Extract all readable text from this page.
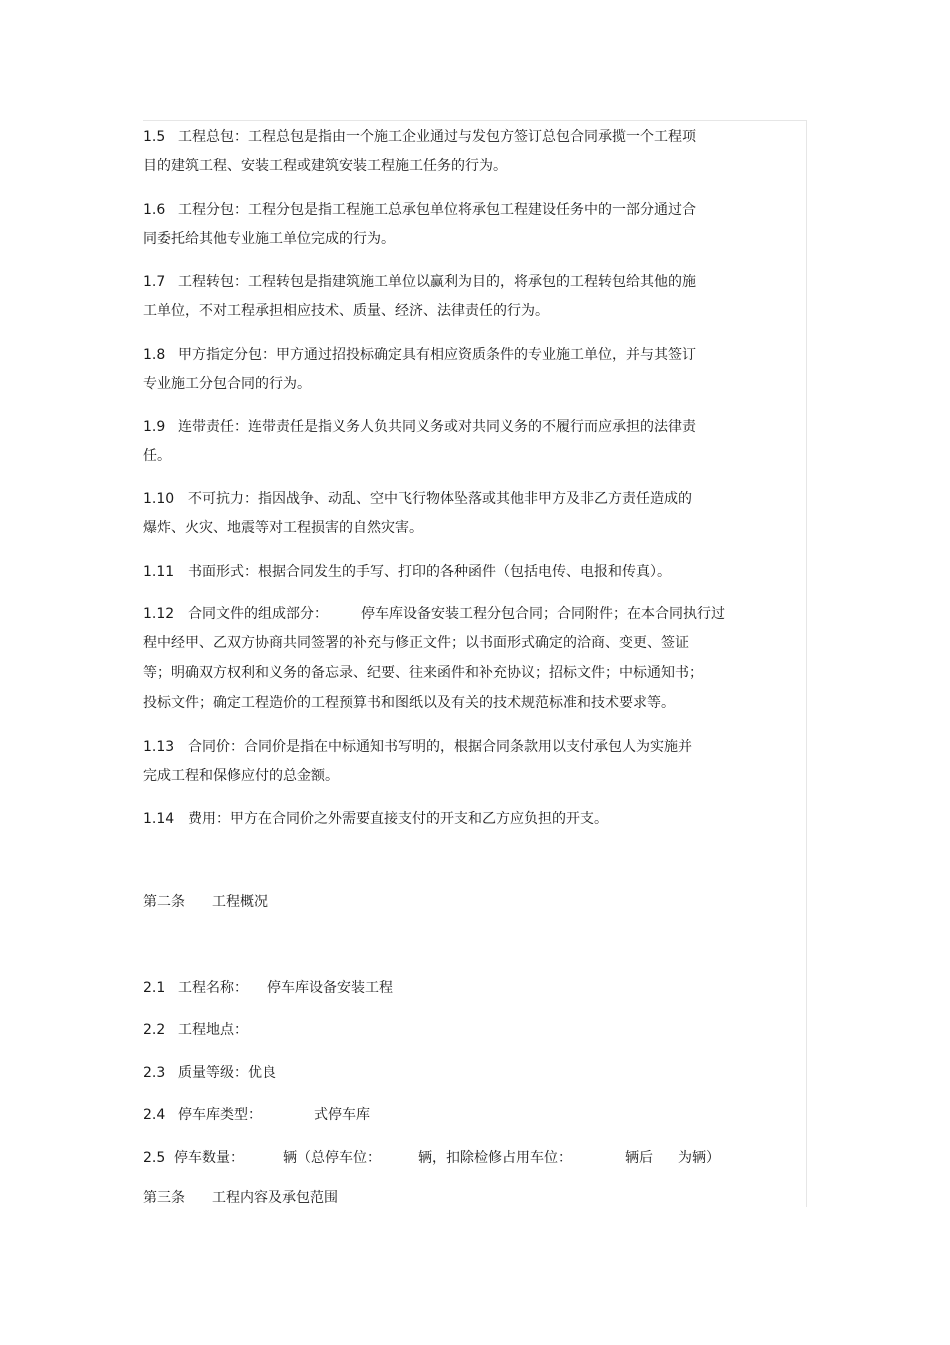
1.5 工程总包：工程总包是指由一个施工企业通过与发包方签订总包合同承揽一个工程项
目的建筑工程、安装工程或建筑安装工程施工任务的行为。
1.6 工程分包：工程分包是指工程施工总承包单位将承包工程建设任务中的一部分通过合
同委托给其他专业施工单位完成的行为。
1.7 工程转包：工程转包是指建筑施工单位以赢利为目的，将承包的工程转包给其他的施
工单位，不对工程承担相应技术、质量、经济、法律责任的行为。
1.8 甲方指定分包：甲方通过招投标确定具有相应资质条件的专业施工单位，并与其签订
专业施工分包合同的行为。
1.9 连带责任：连带责任是指义务人负共同义务或对共同义务的不履行而应承担的法律责
任。
1.10 不可抗力：指因战争、动乱、空中飞行物体坠落或其他非甲方及非乙方责任造成的
爆炸、火灾、地震等对工程损害的自然灾害。
1.11 书面形式：根据合同发生的手写、打印的各种函件（包括电传、电报和传真）。
1.12 合同文件的组成部分： 停车库设备安装工程分包合同；合同附件；在本合同执行过
程中经甲、乙双方协商共同签署的补充与修正文件；以书面形式确定的洽商、变更、签证
等；明确双方权利和义务的备忘录、纪要、往来函件和补充协议；招标文件；中标通知书；
投标文件；确定工程造价的工程预算书和图纸以及有关的技术规范标准和技术要求等。
1.13 合同价：合同价是指在中标通知书写明的，根据合同条款用以支付承包人为实施并
完成工程和保修应付的总金额。
1.14 费用：甲方在合同价之外需要直接支付的开支和乙方应负担的开支。
第二条 工程概况
2.1 工程名称： 停车库设备安装工程
2.2 工程地点：
2.3 质量等级：优良
2.4 停车库类型：	式停车库
2.5 停车数量：	辆（总停车位：	辆，扣除检修占用车位：	辆后 为辆）
第三条 工程内容及承包范围
